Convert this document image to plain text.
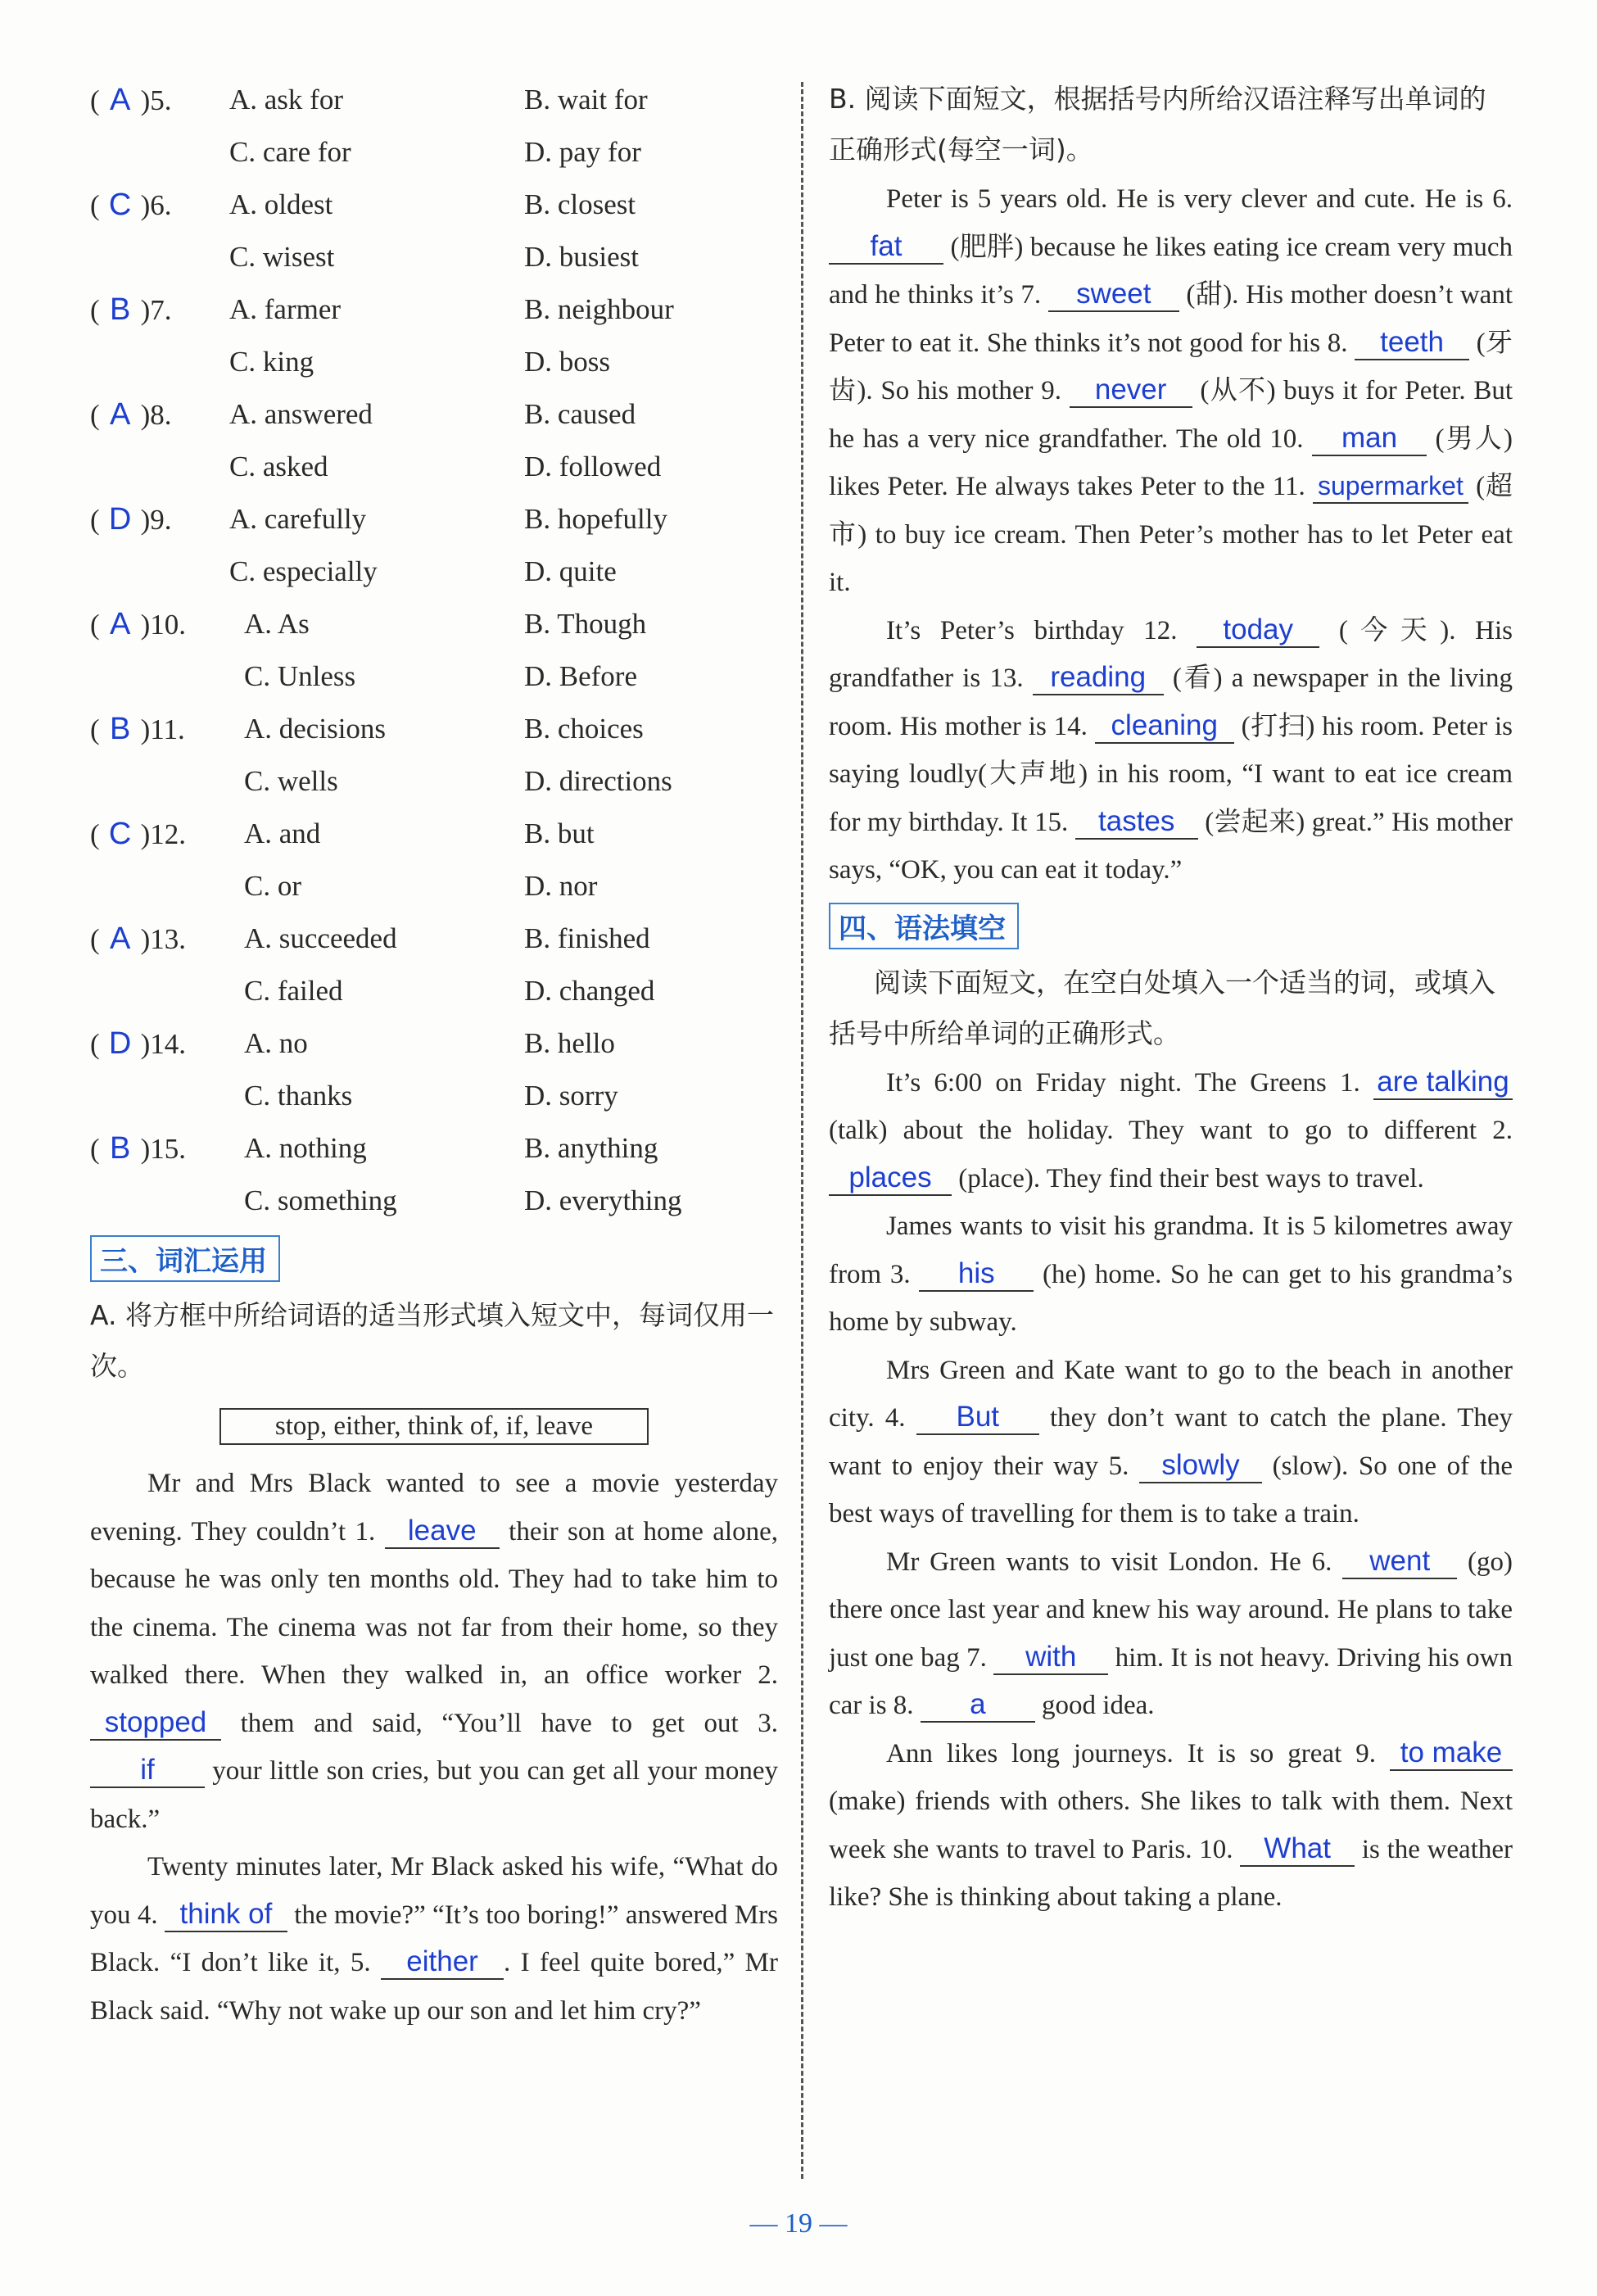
( A )5. A. ask for	B. wait for
C. care for	D. pay for
( C )6. A. oldest	B. closest
C. wisest	D. busiest
( B )7. A. farmer	B. neighbour
C. king	D. boss
( A )8. A. answered	B. caused
C. asked	D. followed
( D )9. A. carefully	B. hopefully
C. especially	D. quite
( A )10. A. As	B. Though
C. Unless	D. Before
( B )11. A. decisions	B. choices
C. wells	D. directions
( C )12. A. and	B. but
C. or	D. nor
( A )13. A. succeeded	B. finished
C. failed	D. changed
( D )14. A. no	B. hello
C. thanks	D. sorry
( B )15. A. nothing	B. anything
C. something	D. everything
三、词汇运用
A. 将方框中所给词语的适当形式填入短文中，每词仅用一次。
stop, either, think of, if, leave
Mr and Mrs Black wanted to see a movie yesterday evening. They couldn’t 1. leave their son at home alone, because he was only ten months old. They had to take him to the cinema. The cinema was not far from their home, so they walked there. When they walked in, an office worker 2. stopped them and said, “You’ll have to get out 3. if your little son cries, but you can get all your money back.”
Twenty minutes later, Mr Black asked his wife, “What do you 4. think of the movie?” “It’s too boring!” answered Mrs Black. “I don’t like it, 5. either . I feel quite bored,” Mr Black said. “Why not wake up our son and let him cry?”
B. 阅读下面短文，根据括号内所给汉语注释写出单词的正确形式(每空一词)。
Peter is 5 years old. He is very clever and cute. He is 6. fat (肥胖) because he likes eating ice cream very much and he thinks it’s 7. sweet (甜). His mother doesn’t want Peter to eat it. She thinks it’s not good for his 8. teeth (牙齿). So his mother 9. never (从不) buys it for Peter. But he has a very nice grandfather. The old 10. man (男人) likes Peter. He always takes Peter to the 11. supermarket (超市) to buy ice cream. Then Peter’s mother has to let Peter eat it.
It’s Peter’s birthday 12. today (今天). His grandfather is 13. reading (看) a newspaper in the living room. His mother is 14. cleaning (打扫) his room. Peter is saying loudly(大声地) in his room, “I want to eat ice cream for my birthday. It 15. tastes (尝起来) great.” His mother says, “OK, you can eat it today.”
四、语法填空
阅读下面短文，在空白处填入一个适当的词，或填入括号中所给单词的正确形式。
It’s 6:00 on Friday night. The Greens 1. are talking (talk) about the holiday. They want to go to different 2. places (place). They find their best ways to travel.
James wants to visit his grandma. It is 5 kilometres away from 3. his (he) home. So he can get to his grandma’s home by subway.
Mrs Green and Kate want to go to the beach in another city. 4. But they don’t want to catch the plane. They want to enjoy their way 5. slowly (slow). So one of the best ways of travelling for them is to take a train.
Mr Green wants to visit London. He 6. went (go) there once last year and knew his way around. He plans to take just one bag 7. with him. It is not heavy. Driving his own car is 8. a good idea.
Ann likes long journeys. It is so great 9. to make (make) friends with others. She likes to talk with them. Next week she wants to travel to Paris. 10. What is the weather like? She is thinking about taking a plane.
— 19 —
